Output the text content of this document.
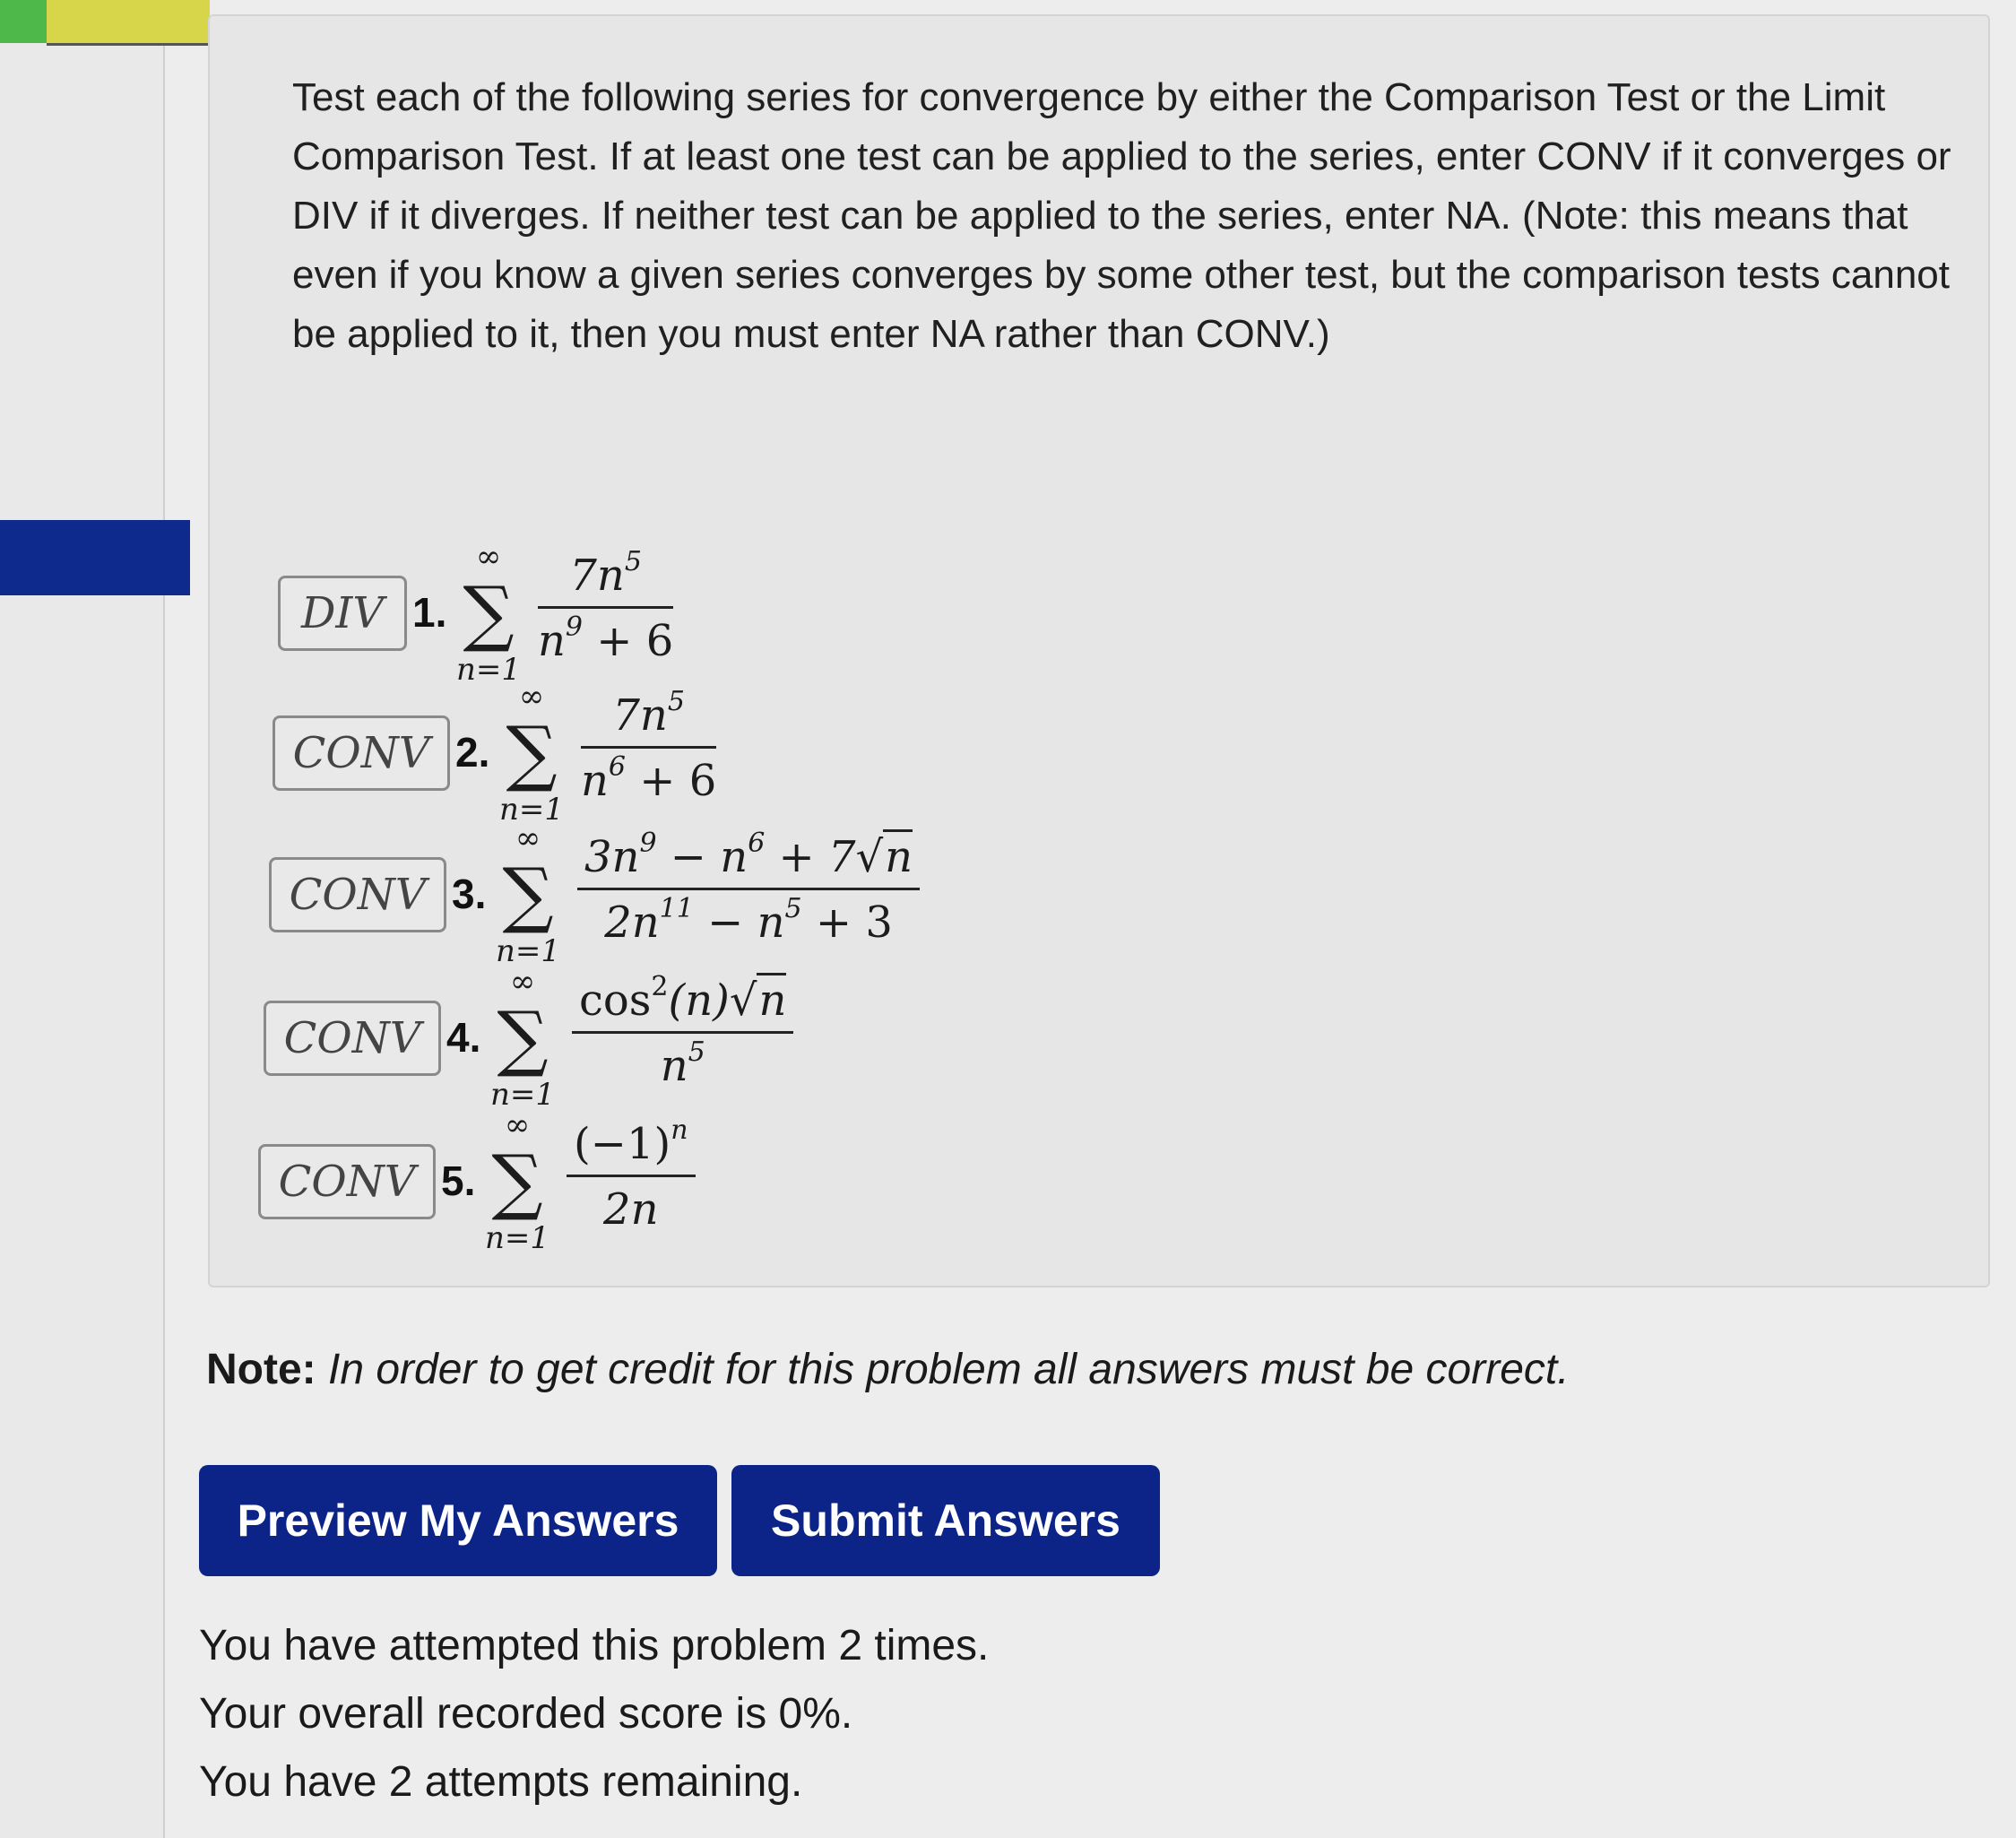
Test each of the following series for convergence by either the Comparison Test or the Limit Comparison Test. If at least one test can be applied to the series, enter CONV if it converges or DIV if it diverges. If neither test can be applied to the series, enter NA. (Note: this means that even if you know a given series converges by some other test, but the comparison tests cannot be applied to it, then you must enter NA rather than CONV.)
DIV 1.
∞
∑
n=1
$\frac{7n^5}{n^9 + 6}$
CONV 2.
∞
∑
n=1
$\frac{7n^5}{n^6 + 6}$
CONV 3.
∞
∑
n=1
$\frac{3n^9 - n^6 + 7√n}{2n^{11} - n^5 + 3}$
CONV 4.
∞
∑
n=1
$\frac{\cos^2(n)√n}{n^5}$
CONV 5.
∞
∑
n=1
$\frac{(-1)^n}{2n}$
Note: In order to get credit for this problem all answers must be correct.
Preview My Answers	Submit Answers
You have attempted this problem 2 times.
Your overall recorded score is 0%.
You have 2 attempts remaining.
